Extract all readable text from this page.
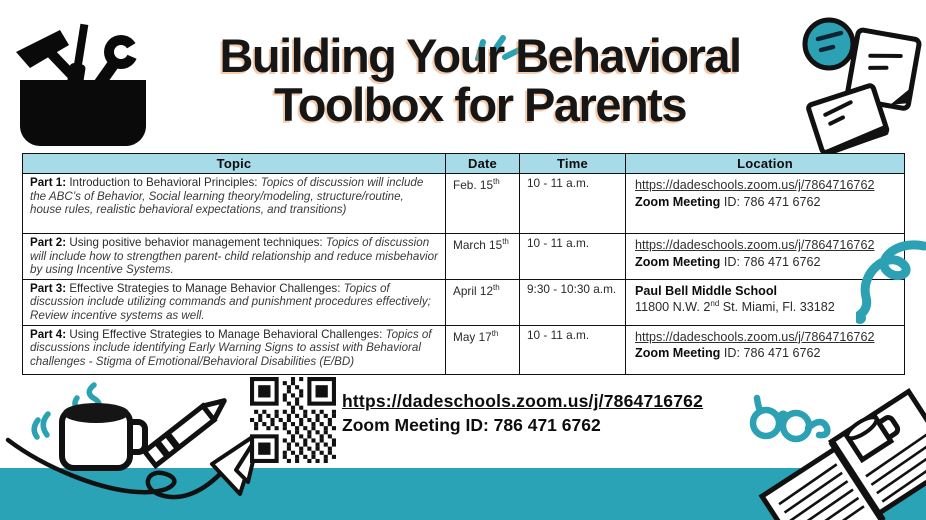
Building Your Behavioral
Toolbox for Parents
Topic	Date	Time	Location
Part 1: Introduction to Behavioral Principles: Topics of discussion will include the ABC’s of Behavior, Social learning theory/modeling, structure/routine, house rules, realistic behavioral expectations, and transitions)	Feb. 15th	10 - 11 a.m.	https://dadeschools.zoom.us/j/7864716762
Zoom Meeting ID: 786 471 6762

Part 2: Using positive behavior management techniques: Topics of discussion will include how to strengthen parent- child relationship and reduce misbehavior by using Incentive Systems.	March 15th	10 - 11 a.m.	https://dadeschools.zoom.us/j/7864716762
Zoom Meeting ID: 786 471 6762

Part 3: Effective Strategies to Manage Behavior Challenges: Topics of discussion include utilizing commands and punishment procedures effectively; Review incentive systems as well.	April 12th	9:30 - 10:30 a.m.	Paul Bell Middle School
11800 N.W. 2nd St. Miami, Fl. 33182

Part 4: Using Effective Strategies to Manage Behavioral Challenges: Topics of discussions include identifying Early Warning Signs to assist with Behavioral challenges - Stigma of Emotional/Behavioral Disabilities (E/BD)	May 17th	10 - 11 a.m.	https://dadeschools.zoom.us/j/7864716762
Zoom Meeting ID: 786 471 6762
https://dadeschools.zoom.us/j/7864716762
Zoom Meeting ID: 786 471 6762
